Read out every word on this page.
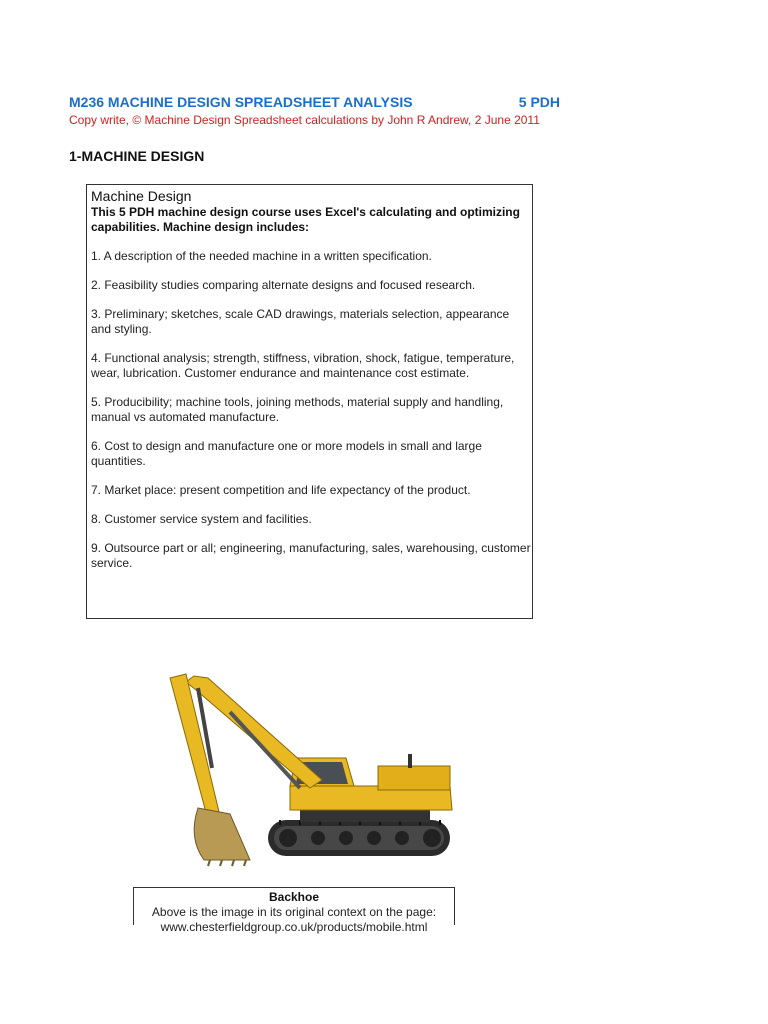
M236 MACHINE DESIGN SPREADSHEET ANALYSIS	5 PDH
Copy write, © Machine Design Spreadsheet calculations by John R Andrew, 2 June 2011
1-MACHINE DESIGN

Machine Design

This 5 PDH machine design course uses Excel's calculating and optimizing capabilities. Machine design includes:

1. A description of the needed machine in a written specification.

2. Feasibility studies comparing alternate designs and focused research.

3. Preliminary; sketches, scale CAD drawings, materials selection, appearance and styling.

4. Functional analysis; strength, stiffness, vibration, shock, fatigue, temperature, wear, lubrication. Customer endurance and maintenance cost estimate.

5. Producibility; machine tools, joining methods, material supply and handling, manual vs automated manufacture.

6. Cost to design and manufacture one or more models in small and large quantities.

7. Market place: present competition and life expectancy of the product.

8. Customer service system and facilities.

9. Outsource part or all; engineering, manufacturing, sales, warehousing, customer service.

Backhoe
Above is the image in its original context on the page:
www.chesterfieldgroup.co.uk/products/mobile.html
